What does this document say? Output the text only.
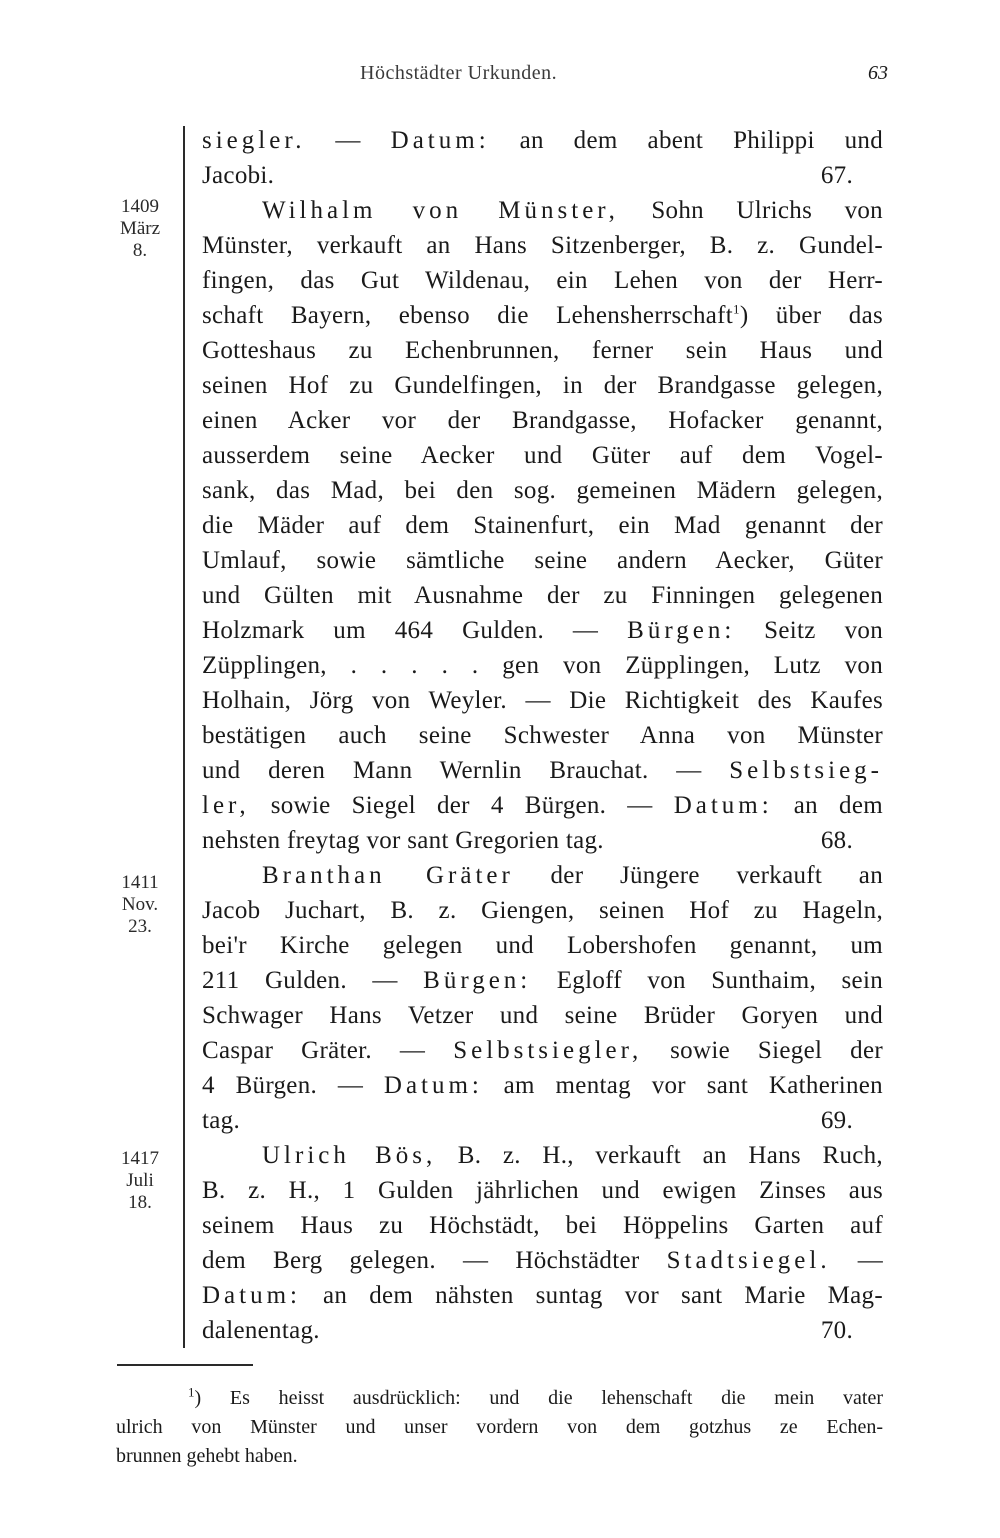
Höchstädter Urkunden.	63
1409
März
8.
1411
Nov.
23.
1417
Juli
18.
siegler. — Datum: an dem abent Philippi und
Jacobi.	67.
Wilhalm von Münster, Sohn Ulrichs von
Münster, verkauft an Hans Sitzenberger, B. z. Gundel-
fingen, das Gut Wildenau, ein Lehen von der Herr-
schaft Bayern, ebenso die Lehensherrschaft$^1$) über das
Gotteshaus zu Echenbrunnen, ferner sein Haus und
seinen Hof zu Gundelfingen, in der Brandgasse gelegen,
einen Acker vor der Brandgasse, Hofacker genannt,
ausserdem seine Aecker und Güter auf dem Vogel-
sank, das Mad, bei den sog. gemeinen Mädern gelegen,
die Mäder auf dem Stainenfurt, ein Mad genannt der
Umlauf, sowie sämtliche seine andern Aecker, Güter
und Gülten mit Ausnahme der zu Finningen gelegenen
Holzmark um 464 Gulden. — Bürgen: Seitz von
Züpplingen, . . . . . gen von Züpplingen, Lutz von
Holhain, Jörg von Weyler. — Die Richtigkeit des Kaufes
bestätigen auch seine Schwester Anna von Münster
und deren Mann Wernlin Brauchat. — Selbstsieg-
ler, sowie Siegel der 4 Bürgen. — Datum: an dem
nehsten freytag vor sant Gregorien tag.	68.
Branthan Gräter der Jüngere verkauft an
Jacob Juchart, B. z. Giengen, seinen Hof zu Hageln,
bei'r Kirche gelegen und Lobershofen genannt, um
211 Gulden. — Bürgen: Egloff von Sunthaim, sein
Schwager Hans Vetzer und seine Brüder Goryen und
Caspar Gräter. — Selbstsiegler, sowie Siegel der
4 Bürgen. — Datum: am mentag vor sant Katherinen
tag.	69.
Ulrich Bös, B. z. H., verkauft an Hans Ruch,
B. z. H., 1 Gulden jährlichen und ewigen Zinses aus
seinem Haus zu Höchstädt, bei Höppelins Garten auf
dem Berg gelegen. — Höchstädter Stadtsiegel. —
Datum: an dem nähsten suntag vor sant Marie Mag-
dalenentag.	70.
$^1$) Es heisst ausdrücklich: und die lehenschaft die mein vater
ulrich von Münster und unser vordern von dem gotzhus ze Echen-
brunnen gehebt haben.
